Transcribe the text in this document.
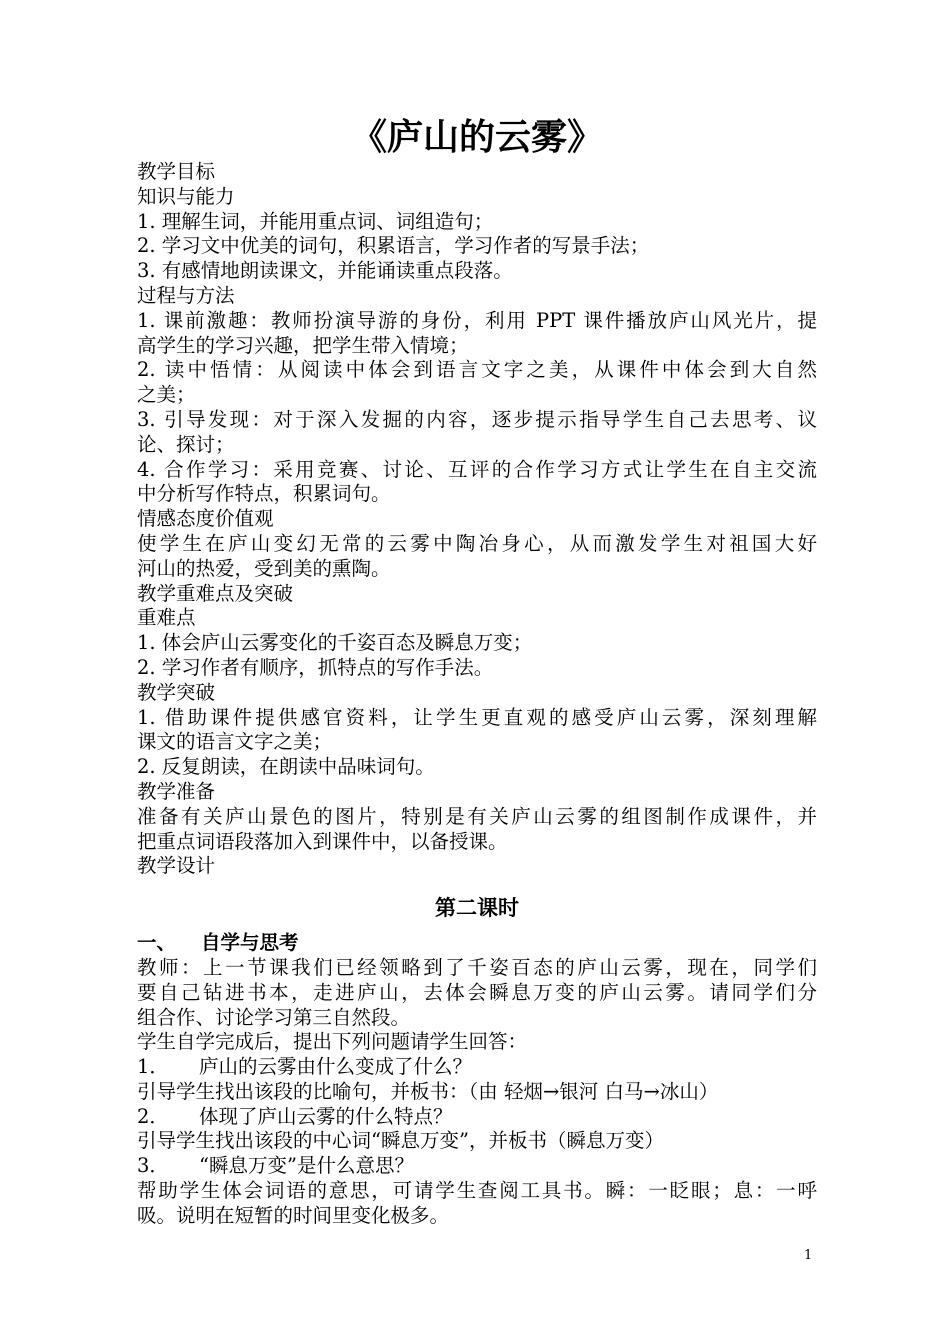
《庐山的云雾》
教学目标
知识与能力
1. 理解生词，并能用重点词、词组造句；
2. 学习文中优美的词句，积累语言，学习作者的写景手法；
3. 有感情地朗读课文，并能诵读重点段落。
过程与方法
1. 课前激趣：教师扮演导游的身份，利用 PPT 课件播放庐山风光片，提
高学生的学习兴趣，把学生带入情境；
2. 读中悟情：从阅读中体会到语言文字之美，从课件中体会到大自然
之美；
3. 引导发现：对于深入发掘的内容，逐步提示指导学生自己去思考、议
论、探讨；
4. 合作学习：采用竞赛、讨论、互评的合作学习方式让学生在自主交流
中分析写作特点，积累词句。
情感态度价值观
使学生在庐山变幻无常的云雾中陶冶身心，从而激发学生对祖国大好
河山的热爱，受到美的熏陶。
教学重难点及突破
重难点
1. 体会庐山云雾变化的千姿百态及瞬息万变；
2. 学习作者有顺序，抓特点的写作手法。
教学突破
1. 借助课件提供感官资料，让学生更直观的感受庐山云雾，深刻理解
课文的语言文字之美；
2. 反复朗读，在朗读中品味词句。
教学准备
准备有关庐山景色的图片，特别是有关庐山云雾的组图制作成课件，并
把重点词语段落加入到课件中，以备授课。
教学设计
第二课时
一、 自学与思考
教师：上一节课我们已经领略到了千姿百态的庐山云雾，现在，同学们
要自己钻进书本，走进庐山，去体会瞬息万变的庐山云雾。请同学们分
组合作、讨论学习第三自然段。
学生自学完成后，提出下列问题请学生回答：
1． 庐山的云雾由什么变成了什么？
引导学生找出该段的比喻句，并板书：（由 轻烟→银河 白马→冰山）
2． 体现了庐山云雾的什么特点？
引导学生找出该段的中心词“瞬息万变”，并板书（瞬息万变）
3． “瞬息万变”是什么意思？
帮助学生体会词语的意思，可请学生查阅工具书。瞬：一眨眼；息：一呼
吸。说明在短暂的时间里变化极多。
1
